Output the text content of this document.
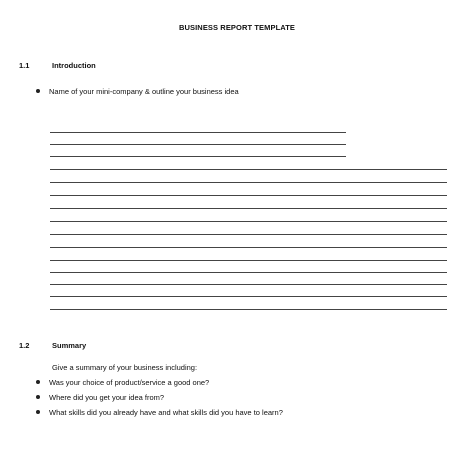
BUSINESS REPORT TEMPLATE
1.1	Introduction
Name of your mini-company & outline your business idea
1.2	Summary
Give a summary of your business including:
Was your choice of product/service a good one?
Where did you get your idea from?
What skills did you already have and what skills did you have to learn?
